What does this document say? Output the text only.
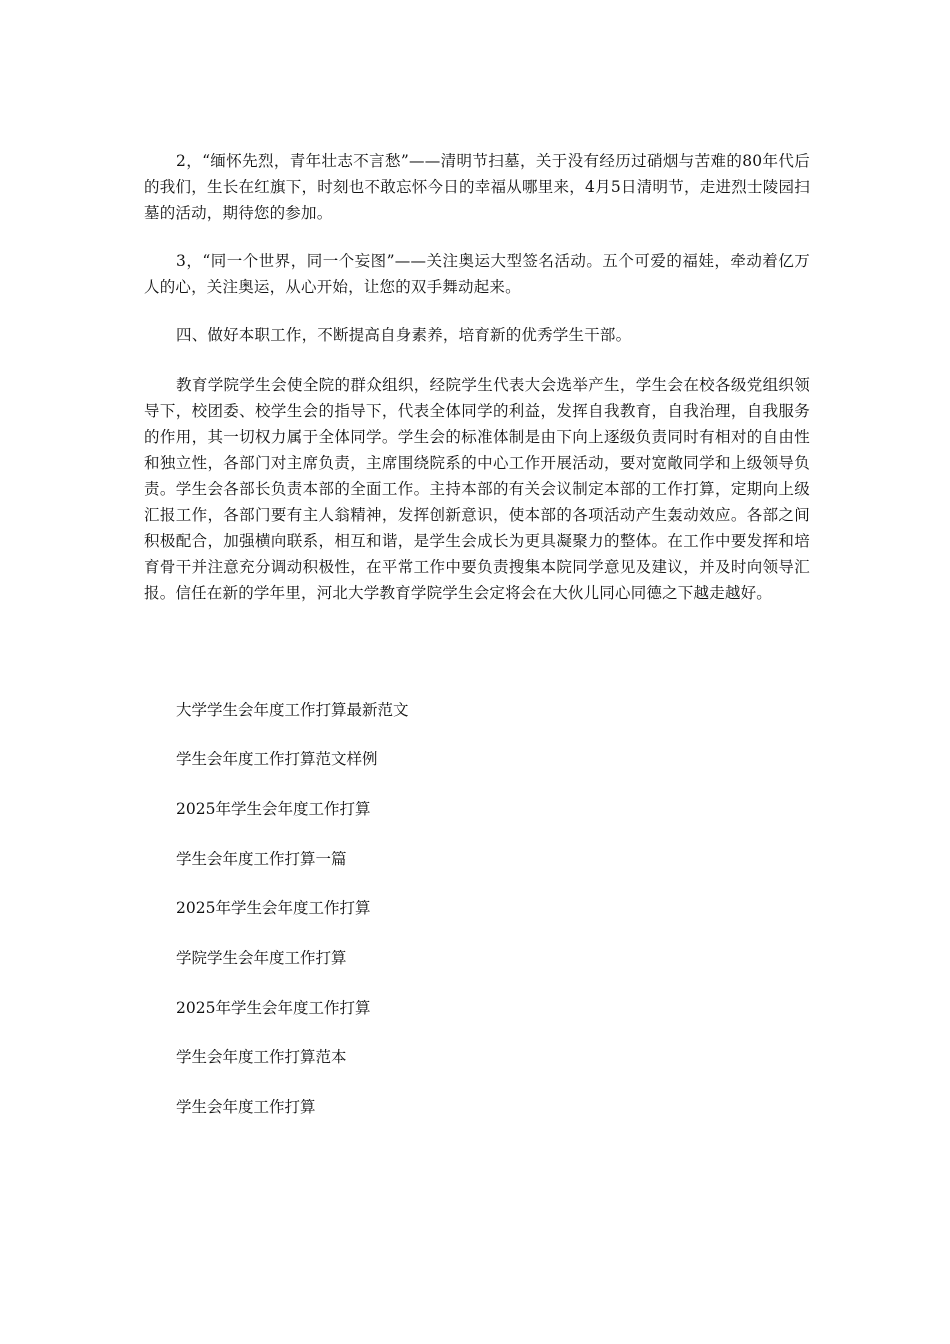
2，“缅怀先烈，青年壮志不言愁”——清明节扫墓，关于没有经历过硝烟与苦难的80年代后的我们，生长在红旗下，时刻也不敢忘怀今日的幸福从哪里来，4月5日清明节，走进烈士陵园扫墓的活动，期待您的参加。

3，“同一个世界，同一个妄图”——关注奥运大型签名活动。五个可爱的福娃，牵动着亿万人的心，关注奥运，从心开始，让您的双手舞动起来。

四、做好本职工作，不断提高自身素养，培育新的优秀学生干部。

教育学院学生会使全院的群众组织，经院学生代表大会选举产生，学生会在校各级党组织领导下，校团委、校学生会的指导下，代表全体同学的利益，发挥自我教育，自我治理，自我服务的作用，其一切权力属于全体同学。学生会的标准体制是由下向上逐级负责同时有相对的自由性和独立性，各部门对主席负责，主席围绕院系的中心工作开展活动，要对宽敞同学和上级领导负责。学生会各部长负责本部的全面工作。主持本部的有关会议制定本部的工作打算，定期向上级汇报工作，各部门要有主人翁精神，发挥创新意识，使本部的各项活动产生轰动效应。各部之间积极配合，加强横向联系，相互和谐，是学生会成长为更具凝聚力的整体。在工作中要发挥和培育骨干并注意充分调动积极性，在平常工作中要负责搜集本院同学意见及建议，并及时向领导汇报。信任在新的学年里，河北大学教育学院学生会定将会在大伙儿同心同德之下越走越好。

大学学生会年度工作打算最新范文
学生会年度工作打算范文样例
2025年学生会年度工作打算
学生会年度工作打算一篇
2025年学生会年度工作打算
学院学生会年度工作打算
2025年学生会年度工作打算
学生会年度工作打算范本
学生会年度工作打算
